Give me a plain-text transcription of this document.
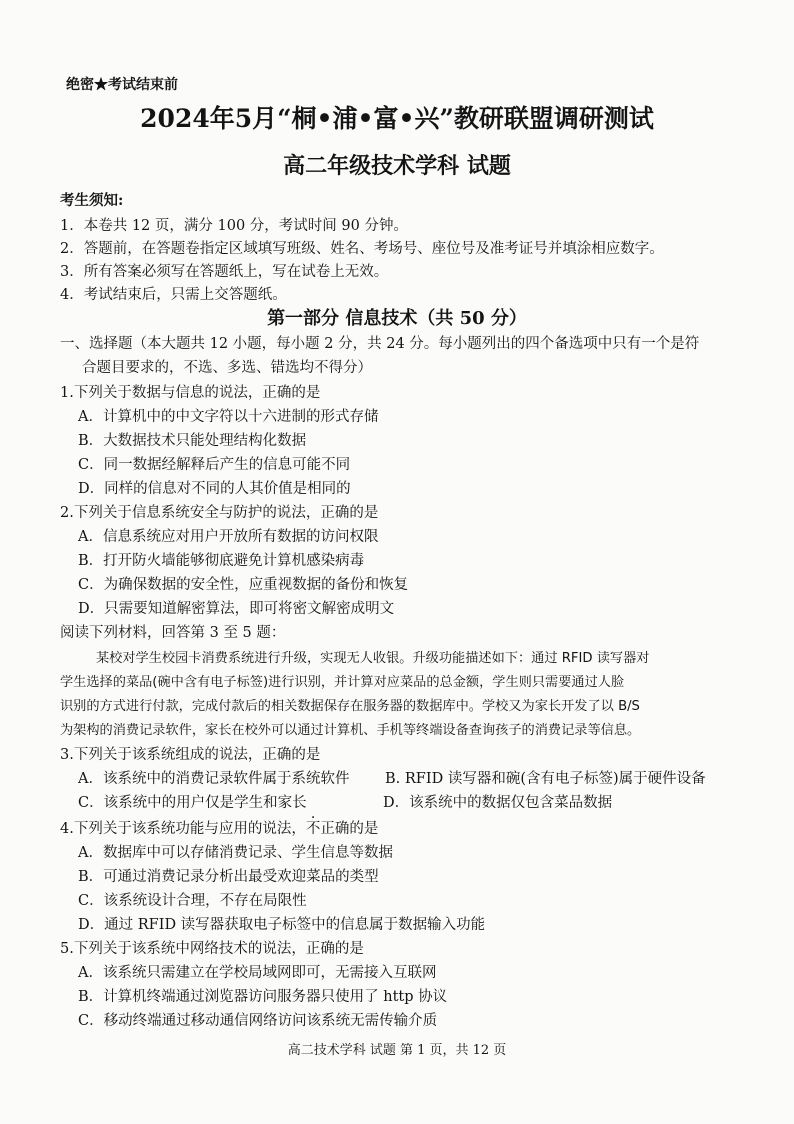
绝密★考试结束前
2024年5月“桐•浦•富•兴”教研联盟调研测试
高二年级技术学科 试题
考生须知:
1．本卷共 12 页，满分 100 分，考试时间 90 分钟。
2．答题前，在答题卷指定区域填写班级、姓名、考场号、座位号及准考证号并填涂相应数字。
3．所有答案必须写在答题纸上，写在试卷上无效。
4．考试结束后，只需上交答题纸。
第一部分 信息技术（共 50 分）
一、选择题（本大题共 12 小题，每小题 2 分，共 24 分。每小题列出的四个备选项中只有一个是符
合题目要求的，不选、多选、错选均不得分）
1.下列关于数据与信息的说法，正确的是
A．计算机中的中文字符以十六进制的形式存储
B．大数据技术只能处理结构化数据
C．同一数据经解释后产生的信息可能不同
D．同样的信息对不同的人其价值是相同的
2.下列关于信息系统安全与防护的说法，正确的是
A．信息系统应对用户开放所有数据的访问权限
B．打开防火墙能够彻底避免计算机感染病毒
C．为确保数据的安全性，应重视数据的备份和恢复
D．只需要知道解密算法，即可将密文解密成明文
阅读下列材料，回答第 3 至 5 题：
某校对学生校园卡消费系统进行升级，实现无人收银。升级功能描述如下：通过 RFID 读写器对
学生选择的菜品(碗中含有电子标签)进行识别，并计算对应菜品的总金额，学生则只需要通过人脸
识别的方式进行付款，完成付款后的相关数据保存在服务器的数据库中。学校又为家长开发了以 B/S
为架构的消费记录软件，家长在校外可以通过计算机、手机等终端设备查询孩子的消费记录等信息。
3.下列关于该系统组成的说法，正确的是
A．该系统中的消费记录软件属于系统软件 B. RFID 读写器和碗(含有电子标签)属于硬件设备
C．该系统中的用户仅是学生和家长	D．该系统中的数据仅包含菜品数据
4.下列关于该系统功能与应用的说法，不正确的是
A．数据库中可以存储消费记录、学生信息等数据
B．可通过消费记录分析出最受欢迎菜品的类型
C．该系统设计合理，不存在局限性
D．通过 RFID 读写器获取电子标签中的信息属于数据输入功能
5.下列关于该系统中网络技术的说法，正确的是
A．该系统只需建立在学校局域网即可，无需接入互联网
B．计算机终端通过浏览器访问服务器只使用了 http 协议
C．移动终端通过移动通信网络访问该系统无需传输介质
高二技术学科 试题 第 1 页，共 12 页
